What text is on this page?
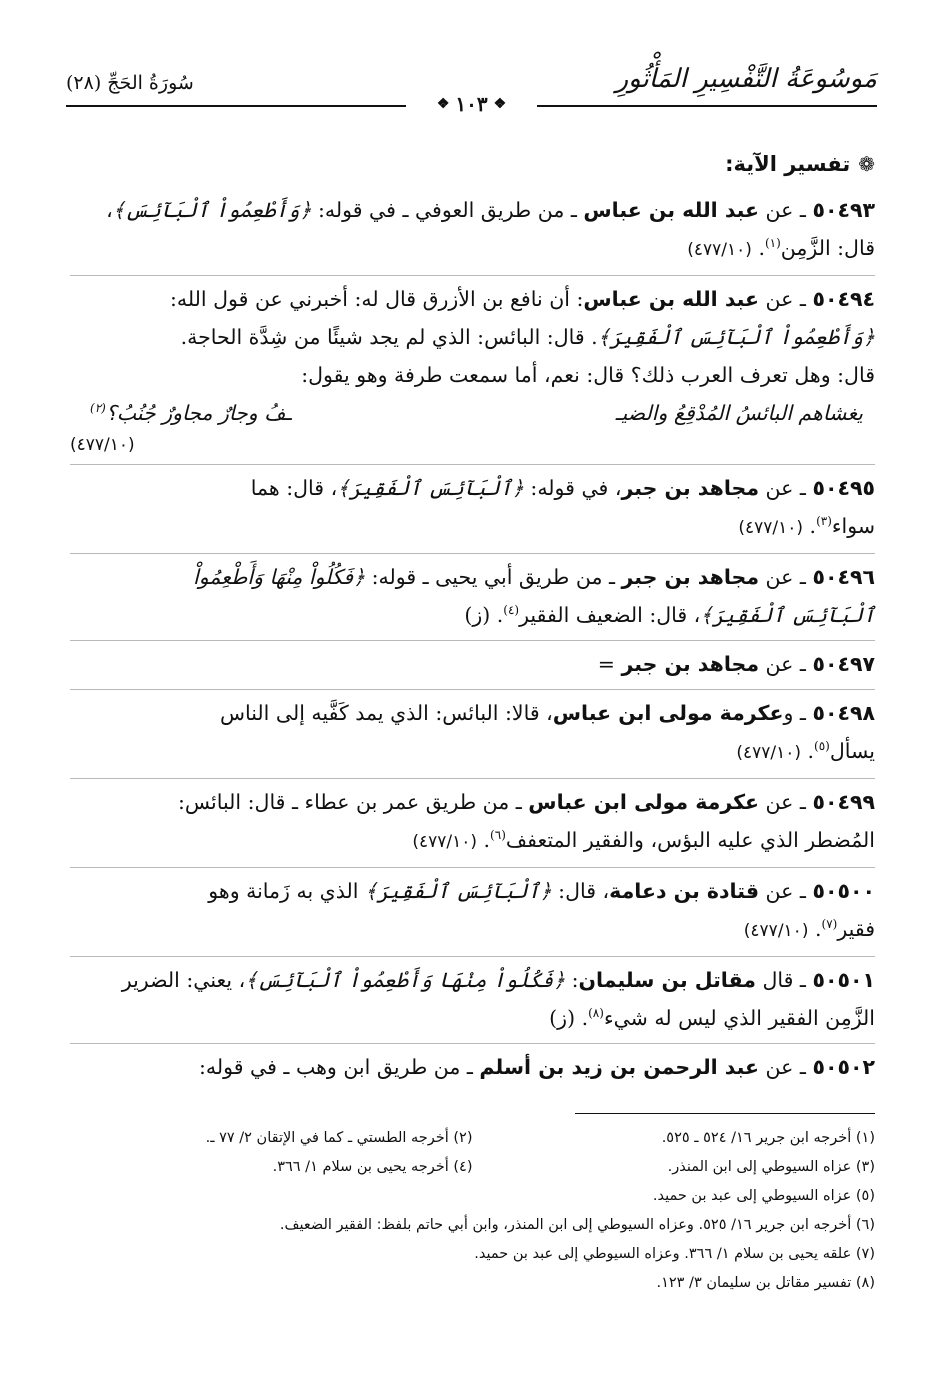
مَوسُوعَةُ التَّفْسِيرِ المَأْثُورِ
سُورَةُ الحَجِّ (٢٨)
❖
١٠٣
❖
❁
تفسير الآية:
٥٠٤٩٣ ـ عن عبد الله بن عباس ـ من طريق العوفي ـ في قوله: ﴿وَأَطْعِمُواْ ٱلْبَآئِسَ﴾،
قال: الزَّمِن$^{(١)}$. (٤٧٧/١٠)
٥٠٤٩٤ ـ عن عبد الله بن عباس: أن نافع بن الأزرق قال له: أخبرني عن قول الله:
﴿وَأَطْعِمُواْ ٱلْبَآئِسَ ٱلْفَقِيرَ﴾. قال: البائس: الذي لم يجد شيئًا من شِدَّة الحاجة.
قال: وهل تعرف العرب ذلك؟ قال: نعم، أما سمعت طرفة وهو يقول:
يغشاهم البائسُ المُدْقِعُ والضيـ
ـفُ وجارٌ مجاورٌ جُنُبُ؟$^{(٢)}$
(٤٧٧/١٠)
٥٠٤٩٥ ـ عن مجاهد بن جبر، في قوله: ﴿ٱلْبَآئِسَ ٱلْفَقِيرَ﴾، قال: هما
سواء$^{(٣)}$. (٤٧٧/١٠)
٥٠٤٩٦ ـ عن مجاهد بن جبر ـ من طريق أبي يحيى ـ قوله: ﴿فَكُلُواْ مِنْهَا وَأَطْعِمُواْ
ٱلْبَآئِسَ ٱلْفَقِيرَ﴾، قال: الضعيف الفقير$^{(٤)}$. (ز)
٥٠٤٩٧ ـ عن مجاهد بن جبر =
٥٠٤٩٨ ـ وعكرمة مولى ابن عباس، قالا: البائس: الذي يمد كَفَّيه إلى الناس
يسأل$^{(٥)}$. (٤٧٧/١٠)
٥٠٤٩٩ ـ عن عكرمة مولى ابن عباس ـ من طريق عمر بن عطاء ـ قال: البائس:
المُضطر الذي عليه البؤس، والفقير المتعفف$^{(٦)}$. (٤٧٧/١٠)
٥٠٥٠٠ ـ عن قتادة بن دعامة، قال: ﴿ٱلْبَآئِسَ ٱلْفَقِيرَ﴾ الذي به زَمانة وهو
فقير$^{(٧)}$. (٤٧٧/١٠)
٥٠٥٠١ ـ قال مقاتل بن سليمان: ﴿فَكُلُواْ مِنْهَا وَأَطْعِمُواْ ٱلْبَآئِسَ﴾، يعني: الضرير
الزَّمِن الفقير الذي ليس له شيء$^{(٨)}$. (ز)
٥٠٥٠٢ ـ عن عبد الرحمن بن زيد بن أسلم ـ من طريق ابن وهب ـ في قوله:
(١) أخرجه ابن جرير ١٦/ ٥٢٤ ـ ٥٢٥.
(٢) أخرجه الطستي ـ كما في الإتقان ٢/ ٧٧ ـ.
(٣) عزاه السيوطي إلى ابن المنذر.
(٤) أخرجه يحيى بن سلام ١/ ٣٦٦.
(٥) عزاه السيوطي إلى عبد بن حميد.
(٦) أخرجه ابن جرير ١٦/ ٥٢٥. وعزاه السيوطي إلى ابن المنذر، وابن أبي حاتم بلفظ: الفقير الضعيف.
(٧) علقه يحيى بن سلام ١/ ٣٦٦. وعزاه السيوطي إلى عبد بن حميد.
(٨) تفسير مقاتل بن سليمان ٣/ ١٢٣.
